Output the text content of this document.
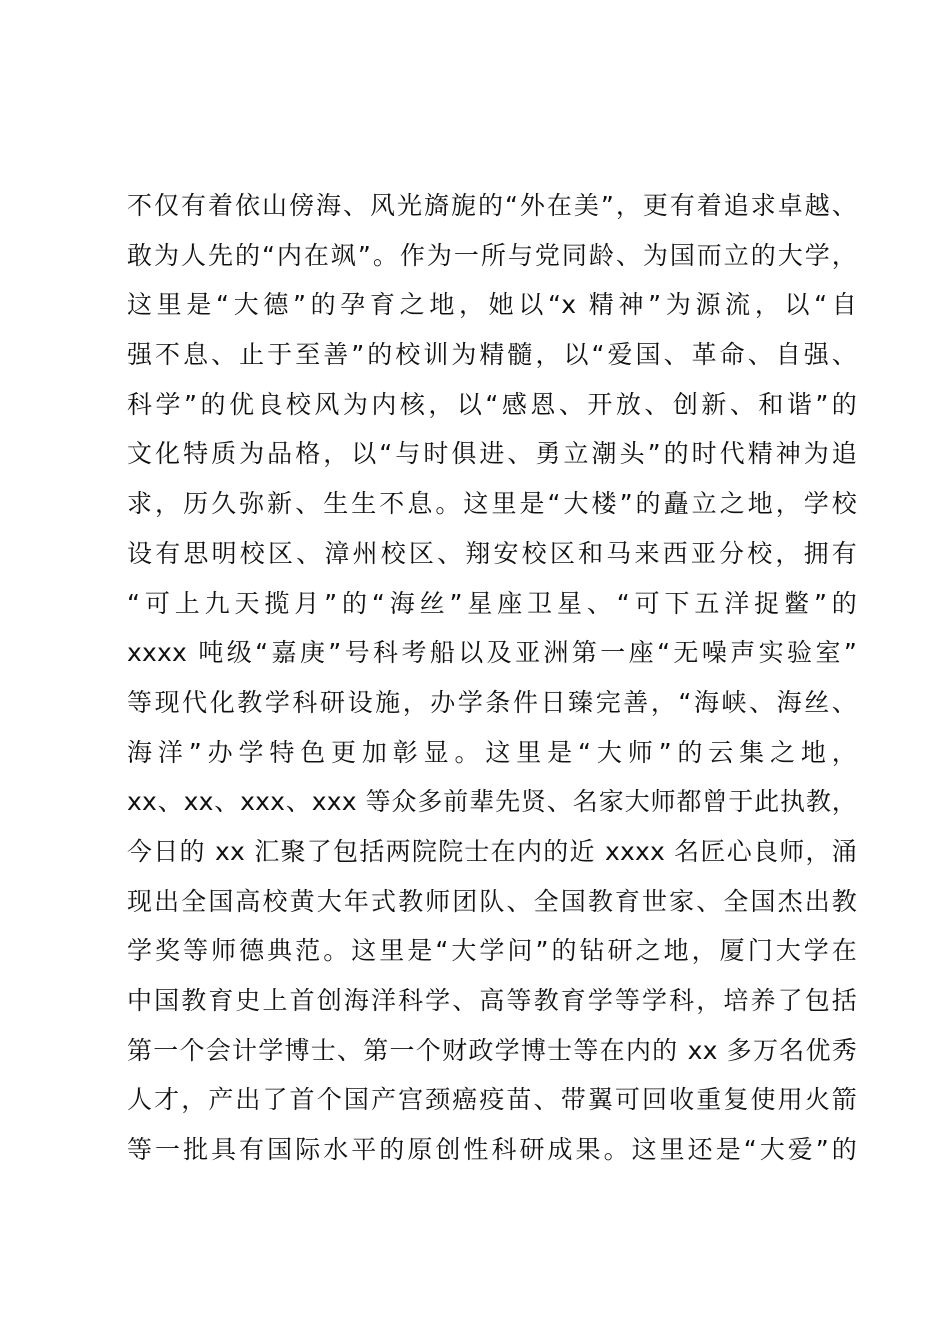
不仅有着依山傍海、风光旖旎的“外在美”，更有着追求卓越、
敢为人先的“内在飒”。作为一所与党同龄、为国而立的大学，
这里是“大德”的孕育之地，她以“x 精神”为源流，以“自
强不息、止于至善”的校训为精髓，以“爱国、革命、自强、
科学”的优良校风为内核，以“感恩、开放、创新、和谐”的
文化特质为品格，以“与时俱进、勇立潮头”的时代精神为追
求，历久弥新、生生不息。这里是“大楼”的矗立之地，学校
设有思明校区、漳州校区、翔安校区和马来西亚分校，拥有
“可上九天揽月”的“海丝”星座卫星、“可下五洋捉鳖”的
xxxx 吨级“嘉庚”号科考船以及亚洲第一座“无噪声实验室”
等现代化教学科研设施，办学条件日臻完善，“海峡、海丝、
海洋”办学特色更加彰显。这里是“大师”的云集之地，
xx、xx、xxx、xxx 等众多前辈先贤、名家大师都曾于此执教，
今日的 xx 汇聚了包括两院院士在内的近 xxxx 名匠心良师，涌
现出全国高校黄大年式教师团队、全国教育世家、全国杰出教
学奖等师德典范。这里是“大学问”的钻研之地，厦门大学在
中国教育史上首创海洋科学、高等教育学等学科，培养了包括
第一个会计学博士、第一个财政学博士等在内的 xx 多万名优秀
人才，产出了首个国产宫颈癌疫苗、带翼可回收重复使用火箭
等一批具有国际水平的原创性科研成果。这里还是“大爱”的
